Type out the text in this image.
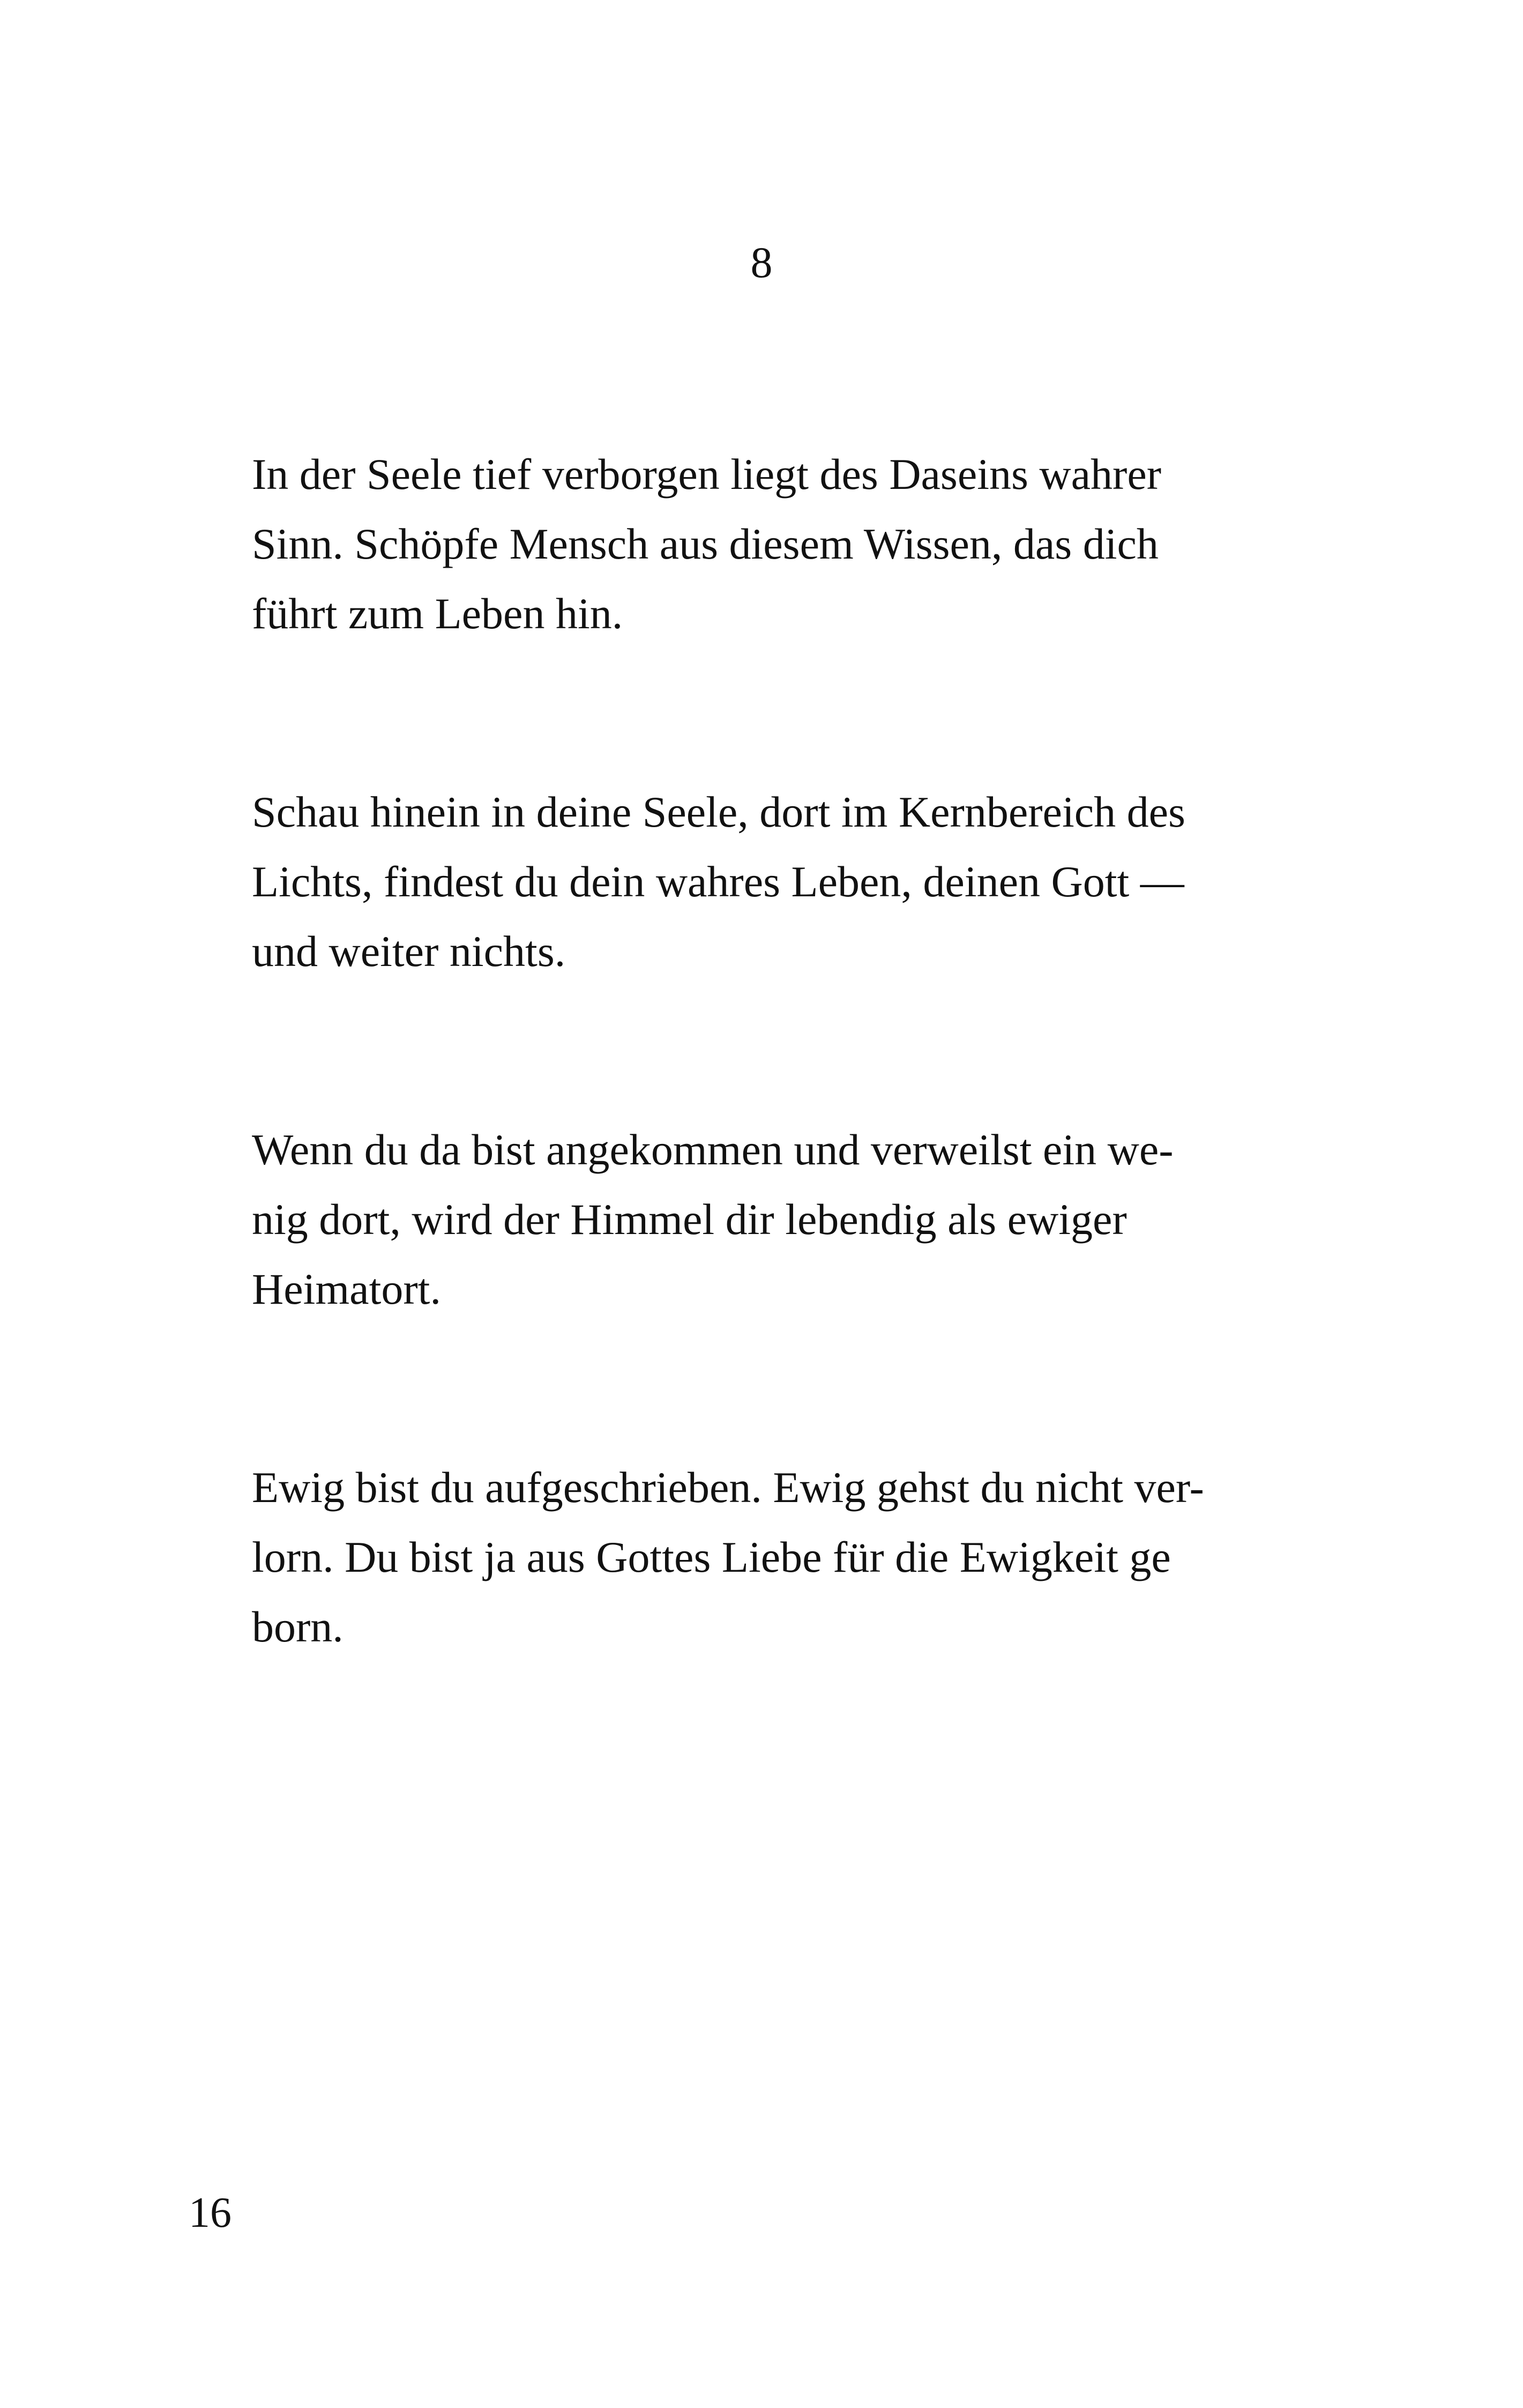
8

In der Seele tief verborgen liegt des Daseins wahrer
Sinn. Schöpfe Mensch aus diesem Wissen, das dich
führt zum Leben hin.

Schau hinein in deine Seele, dort im Kernbereich des
Lichts, findest du dein wahres Leben, deinen Gott —
und weiter nichts.

Wenn du da bist angekommen und verweilst ein we-
nig dort, wird der Himmel dir lebendig als ewiger
Heimatort.

Ewig bist du aufgeschrieben. Ewig gehst du nicht ver-
lorn. Du bist ja aus Gottes Liebe für die Ewigkeit ge
born.

16
